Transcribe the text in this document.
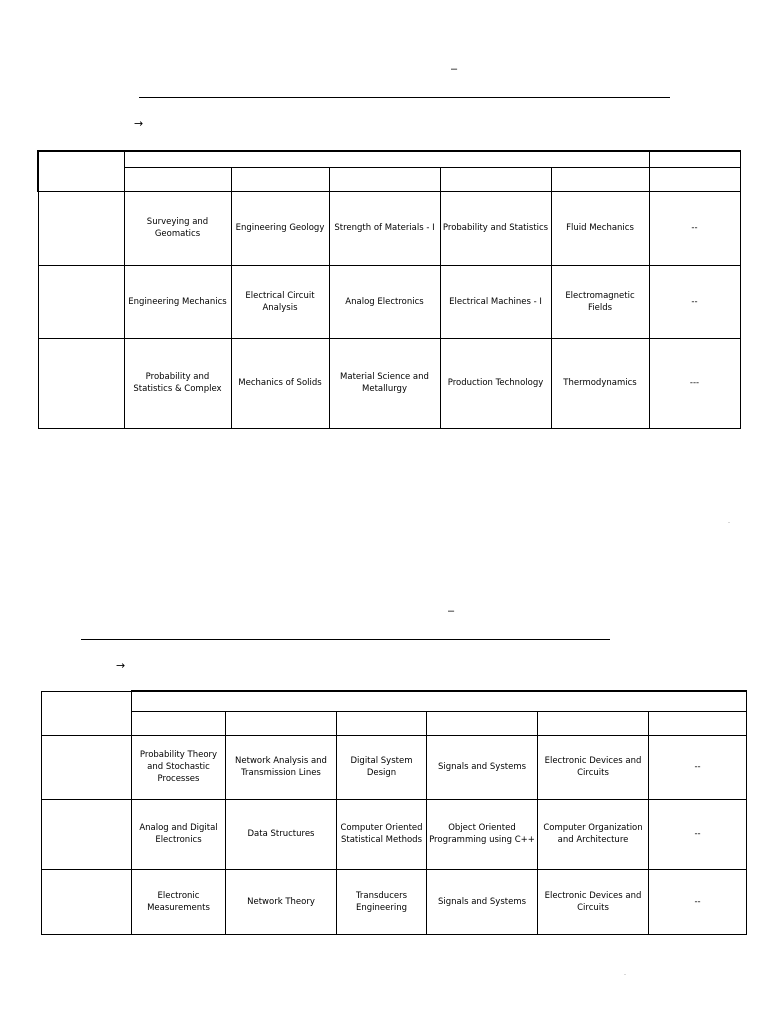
–
→

	Surveying and Geomatics	Engineering Geology	Strength of Materials - I	Probability and Statistics	Fluid Mechanics	--
	Engineering Mechanics	Electrical Circuit Analysis	Analog Electronics	Electrical Machines - I	Electromagnetic Fields	--
	Probability and Statistics & Complex	Mechanics of Solids	Material Science and Metallurgy	Production Technology	Thermodynamics	---
-
–
→

	Probability Theory and Stochastic Processes	Network Analysis and Transmission Lines	Digital System Design	Signals and Systems	Electronic Devices and Circuits	--
	Analog and Digital Electronics	Data Structures	Computer Oriented Statistical Methods	Object Oriented Programming using C++	Computer Organization and Architecture	--
	Electronic Measurements	Network Theory	Transducers Engineering	Signals and Systems	Electronic Devices and Circuits	--
-
